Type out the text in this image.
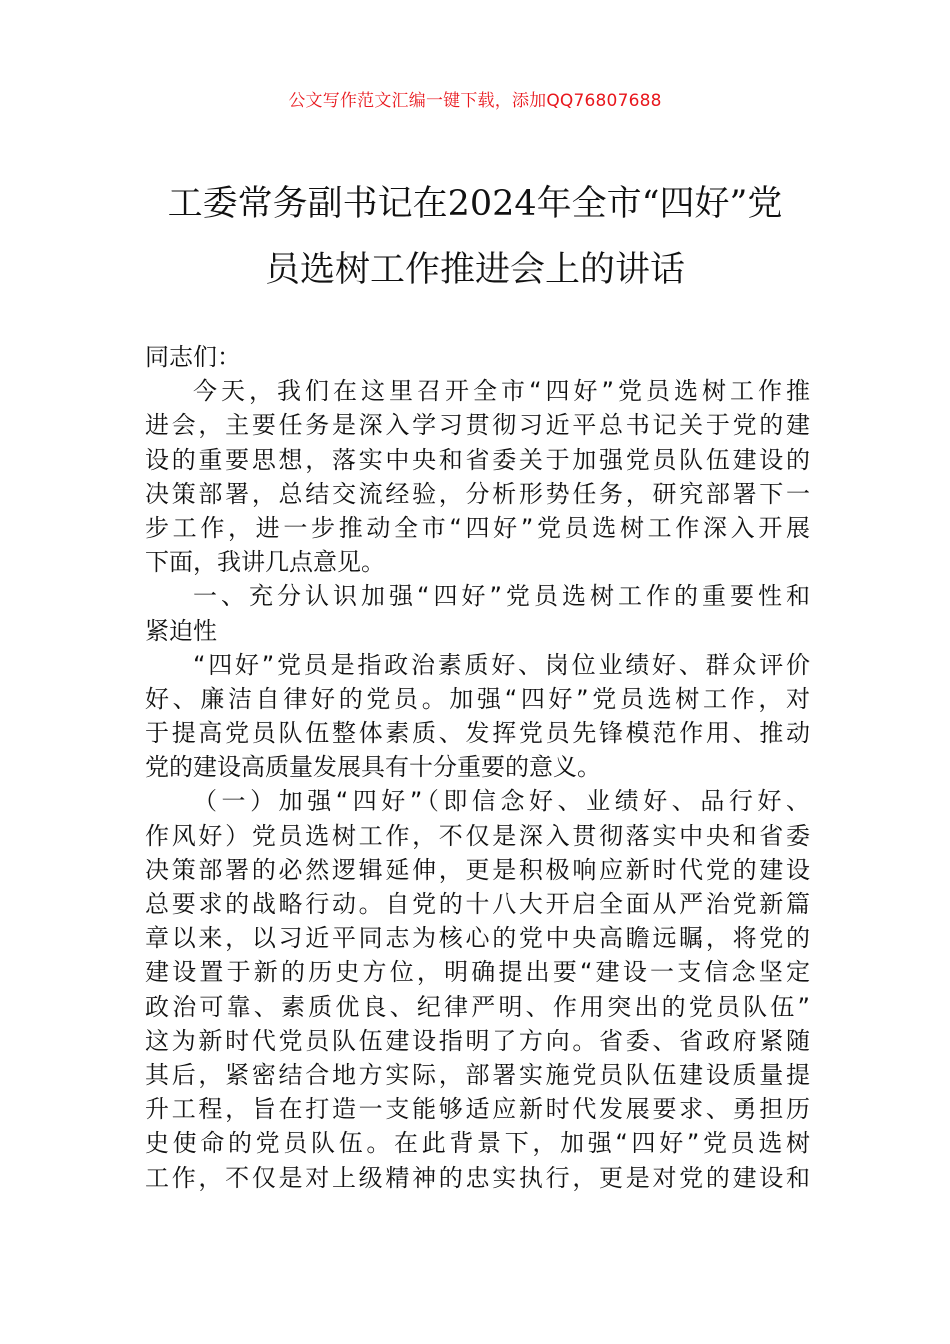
公文写作范文汇编一键下载，添加QQ76807688
工委常务副书记在2024年全市“四好”党
员选树工作推进会上的讲话
同志们：
今天，我们在这里召开全市“四好”党员选树工作推
进会，主要任务是深入学习贯彻习近平总书记关于党的建
设的重要思想，落实中央和省委关于加强党员队伍建设的
决策部署，总结交流经验，分析形势任务，研究部署下一
步工作，进一步推动全市“四好”党员选树工作深入开展
下面，我讲几点意见。
一、充分认识加强“四好”党员选树工作的重要性和
紧迫性
“四好”党员是指政治素质好、岗位业绩好、群众评价
好、廉洁自律好的党员。加强“四好”党员选树工作，对
于提高党员队伍整体素质、发挥党员先锋模范作用、推动
党的建设高质量发展具有十分重要的意义。
（一）加强“四好”（即信念好、业绩好、品行好、
作风好）党员选树工作，不仅是深入贯彻落实中央和省委
决策部署的必然逻辑延伸，更是积极响应新时代党的建设
总要求的战略行动。自党的十八大开启全面从严治党新篇
章以来，以习近平同志为核心的党中央高瞻远瞩，将党的
建设置于新的历史方位，明确提出要“建设一支信念坚定
政治可靠、素质优良、纪律严明、作用突出的党员队伍”
这为新时代党员队伍建设指明了方向。省委、省政府紧随
其后，紧密结合地方实际，部署实施党员队伍建设质量提
升工程，旨在打造一支能够适应新时代发展要求、勇担历
史使命的党员队伍。在此背景下，加强“四好”党员选树
工作，不仅是对上级精神的忠实执行，更是对党的建设和
